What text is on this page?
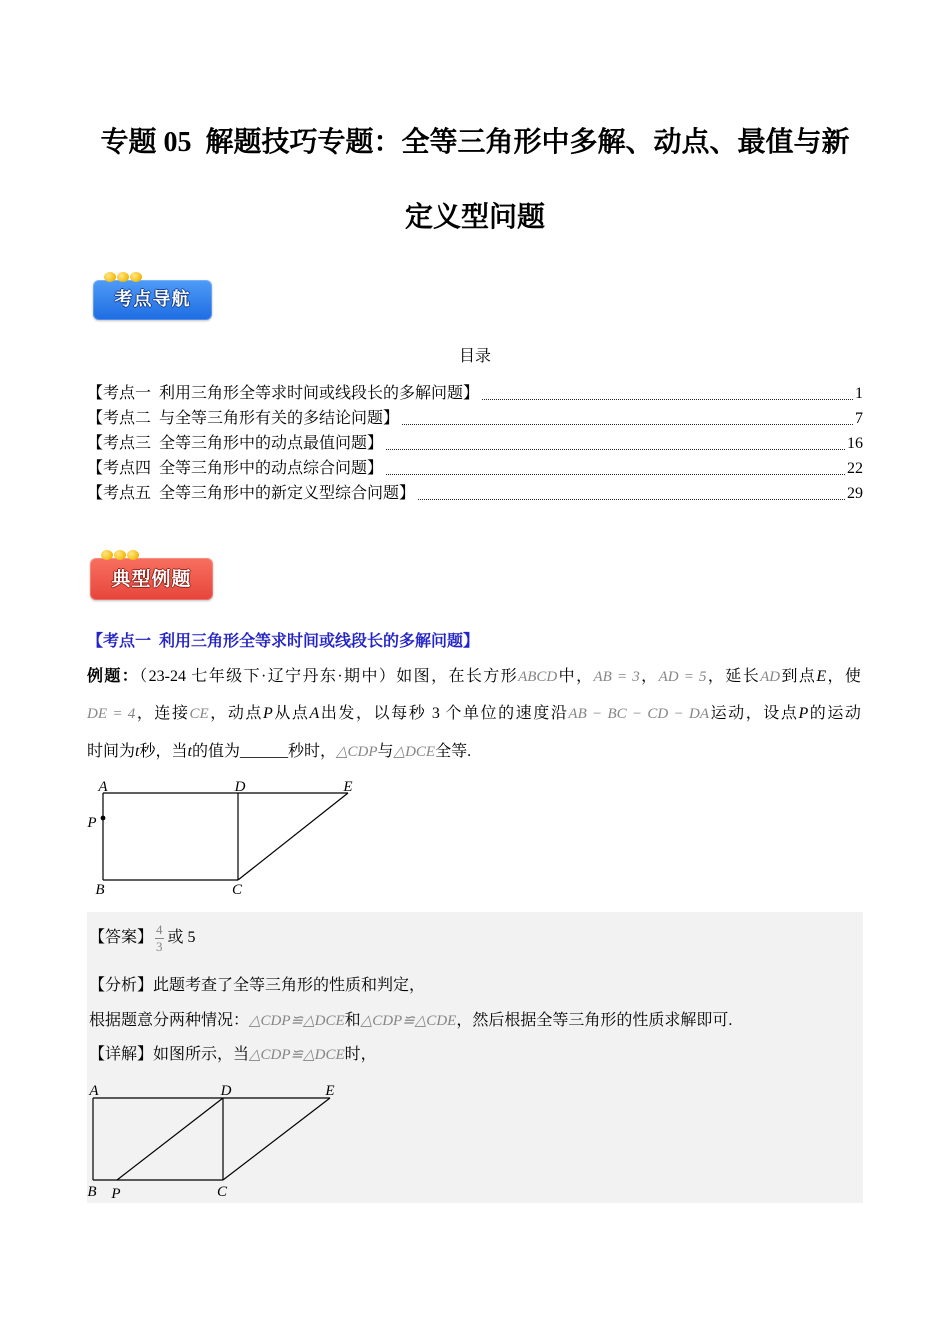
专题 05  解题技巧专题：全等三角形中多解、动点、最值与新
定义型问题
考点导航
目录
【考点一  利用三角形全等求时间或线段长的多解问题】	1
【考点二  与全等三角形有关的多结论问题】	7
【考点三  全等三角形中的动点最值问题】	16
【考点四  全等三角形中的动点综合问题】	22
【考点五  全等三角形中的新定义型综合问题】	29
典型例题
【考点一  利用三角形全等求时间或线段长的多解问题】
例题：（23-24 七年级下·辽宁丹东·期中）如图，在长方形ABCD中，AB = 3，AD = 5，延长AD到点E，使
DE = 4，连接CE，动点P从点A出发，以每秒 3 个单位的速度沿AB − BC − CD − DA运动，设点P的运动
时间为t秒，当t的值为______秒时，△CDP与△DCE全等.
A	D	E
P
B	C
【答案】 $\frac{4}{3}$ 或 5
【分析】此题考查了全等三角形的性质和判定，
根据题意分两种情况：△CDP≌△DCE和△CDP≌△CDE，然后根据全等三角形的性质求解即可.
【详解】如图所示，当△CDP≌△DCE时，
A	D	E
B P	C
